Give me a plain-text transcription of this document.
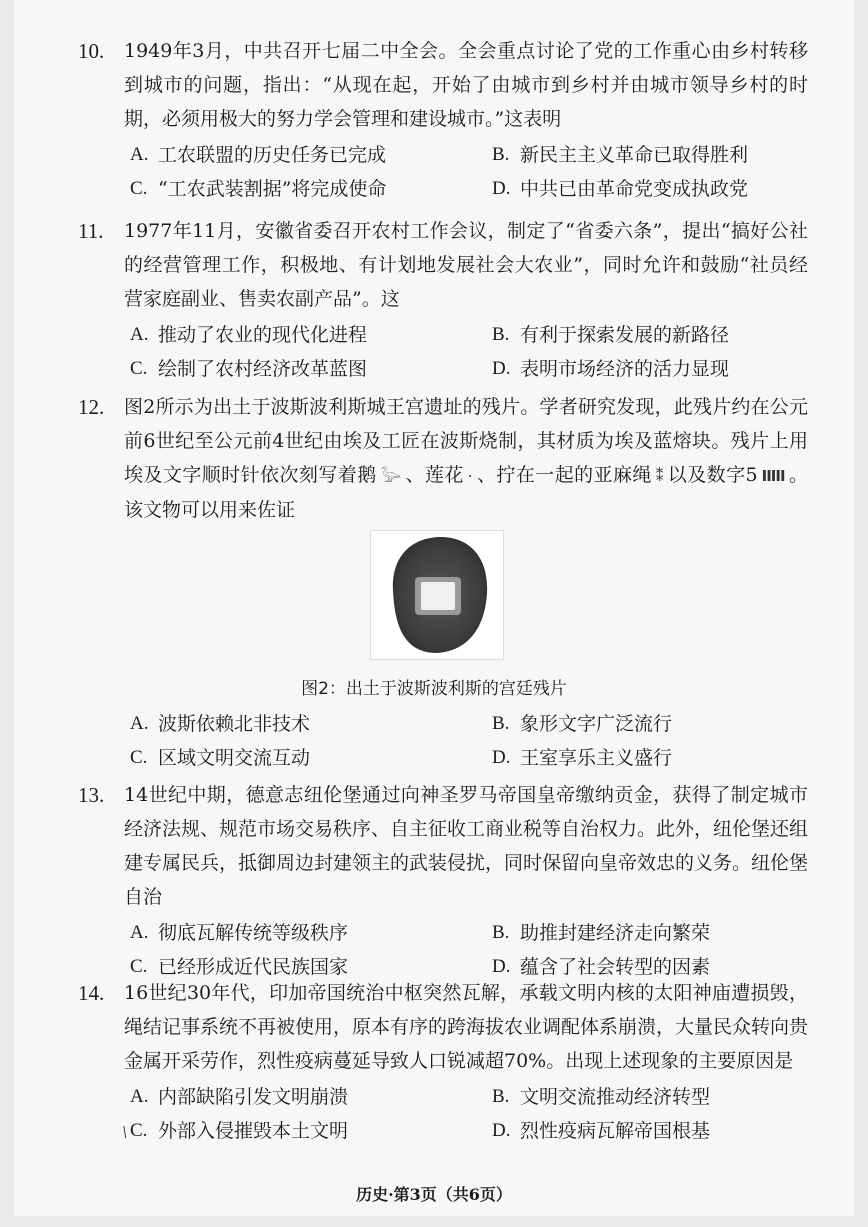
10.	1949年3月，中共召开七届二中全会。全会重点讨论了党的工作重心由乡村转移到城市的问题，指出：“从现在起，开始了由城市到乡村并由城市领导乡村的时期，必须用极大的努力学会管理和建设城市。”这表明
A. 工农联盟的历史任务已完成	B. 新民主主义革命已取得胜利
C. “工农武装割据”将完成使命	D. 中共已由革命党变成执政党
11.	1977年11月，安徽省委召开农村工作会议，制定了“省委六条”，提出“搞好公社的经营管理工作，积极地、有计划地发展社会大农业”，同时允许和鼓励“社员经营家庭副业、售卖农副产品”。这
A. 推动了农业的现代化进程	B. 有利于探索发展的新路径
C. 绘制了农村经济改革蓝图	D. 表明市场经济的活力显现
12.	图2所示为出土于波斯波利斯城王宫遗址的残片。学者研究发现，此残片约在公元前6世纪至公元前4世纪由埃及工匠在波斯烧制，其材质为埃及蓝熔块。残片上用埃及文字顺时针依次刻写着鹅 𓅬 、莲花 · 、拧在一起的亚麻绳 ⁑ 以及数字5 IIIII 。该文物可以用来佐证
图2：出土于波斯波利斯的宫廷残片
A. 波斯依赖北非技术	B. 象形文字广泛流行
C. 区域文明交流互动	D. 王室享乐主义盛行
13.	14世纪中期，德意志纽伦堡通过向神圣罗马帝国皇帝缴纳贡金，获得了制定城市经济法规、规范市场交易秩序、自主征收工商业税等自治权力。此外，纽伦堡还组建专属民兵，抵御周边封建领主的武装侵扰，同时保留向皇帝效忠的义务。纽伦堡自治
A. 彻底瓦解传统等级秩序	B. 助推封建经济走向繁荣
C. 已经形成近代民族国家	D. 蕴含了社会转型的因素
14.	16世纪30年代，印加帝国统治中枢突然瓦解，承载文明内核的太阳神庙遭损毁，绳结记事系统不再被使用，原本有序的跨海拔农业调配体系崩溃，大量民众转向贵金属开采劳作，烈性疫病蔓延导致人口锐减超70%。出现上述现象的主要原因是
A. 内部缺陷引发文明崩溃	B. 文明交流推动经济转型
C. 外部入侵摧毁本土文明	D. 烈性疫病瓦解帝国根基
\
历史·第3页（共6页）
